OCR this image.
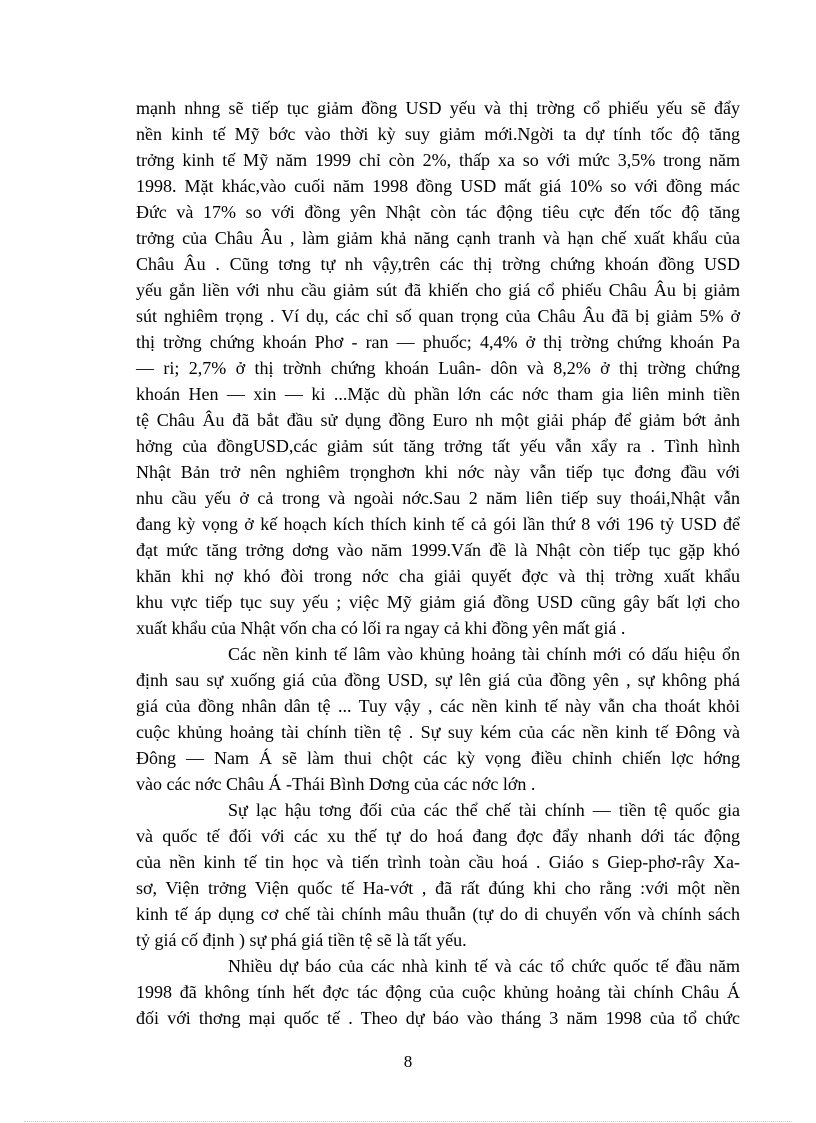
mạnh nhng sẽ tiếp tục giảm đồng USD yếu và thị trờng cổ phiếu yếu sẽ đẩy
nền kinh tế Mỹ bớc vào thời kỳ suy giảm mới.Ngời ta dự tính tốc độ tăng
trởng kinh tế Mỹ năm 1999 chỉ còn 2%, thấp xa so với mức 3,5% trong năm
1998. Mặt khác,vào cuối năm 1998 đồng USD mất giá 10% so với đồng mác
Đức và 17% so với đồng yên Nhật còn tác động tiêu cực đến tốc độ tăng
trởng của Châu Âu , làm giảm khả năng cạnh tranh và hạn chế xuất khẩu của
Châu Âu . Cũng tơng tự nh vậy,trên các thị trờng chứng khoán đồng USD
yếu gắn liền với nhu cầu giảm sút đã khiến cho giá cổ phiếu Châu Âu bị giảm
sút nghiêm trọng . Ví dụ, các chỉ số quan trọng của Châu Âu đã bị giảm 5% ở
thị trờng chứng khoán Phơ - ran — phuốc; 4,4% ở thị trờng chứng khoán Pa
— ri; 2,7% ở thị trờnh chứng khoán Luân- dôn và 8,2% ở thị trờng chứng
khoán Hen — xin — ki ...Mặc dù phần lớn các nớc tham gia liên minh tiền
tệ Châu Âu đã bắt đầu sử dụng đồng Euro nh một giải pháp để giảm bớt ảnh
hởng của đồngUSD,các giảm sút tăng trởng tất yếu vẫn xẩy ra . Tình hình
Nhật Bản trở nên nghiêm trọnghơn khi nớc này vẫn tiếp tục đơng đầu với
nhu cầu yếu ở cả trong và ngoài nớc.Sau 2 năm liên tiếp suy thoái,Nhật vẫn
đang kỳ vọng ở kế hoạch kích thích kinh tế cả gói lần thứ 8 với 196 tỷ USD để
đạt mức tăng trởng dơng vào năm 1999.Vấn đề là Nhật còn tiếp tục gặp khó
khăn khi nợ khó đòi trong nớc cha giải quyết đợc và thị trờng xuất khẩu
khu vực tiếp tục suy yếu ; việc Mỹ giảm giá đồng USD cũng gây bất lợi cho
xuất khẩu của Nhật vốn cha có lối ra ngay cả khi đồng yên mất giá .
Các nền kinh tế lâm vào khủng hoảng tài chính mới có dấu hiệu ổn
định sau sự xuống giá của đồng USD, sự lên giá của đồng yên , sự không phá
giá của đồng nhân dân tệ ... Tuy vậy , các nền kinh tế này vẫn cha thoát khỏi
cuộc khủng hoảng tài chính tiền tệ . Sự suy kém của các nền kinh tế Đông và
Đông — Nam Á sẽ làm thui chột các kỳ vọng điều chỉnh chiến lợc hớng
vào các nớc Châu Á -Thái Bình Dơng của các nớc lớn .
Sự lạc hậu tơng đối của các thể chế tài chính — tiền tệ quốc gia
và quốc tế đối với các xu thế tự do hoá đang đợc đẩy nhanh dới tác động
của nền kinh tế tin học và tiến trình toàn cầu hoá . Giáo s Giep-phơ-rây Xa-
sơ, Viện trởng Viện quốc tế Ha-vớt , đã rất đúng khi cho rằng :với một nền
kinh tế áp dụng cơ chế tài chính mâu thuẫn (tự do di chuyển vốn và chính sách
tỷ giá cố định ) sự phá giá tiền tệ sẽ là tất yếu.
Nhiều dự báo của các nhà kinh tế và các tổ chức quốc tế đầu năm
1998 đã không tính hết đợc tác động của cuộc khủng hoảng tài chính Châu Á
đối với thơng mại quốc tế . Theo dự báo vào tháng 3 năm 1998 của tổ chức
8
